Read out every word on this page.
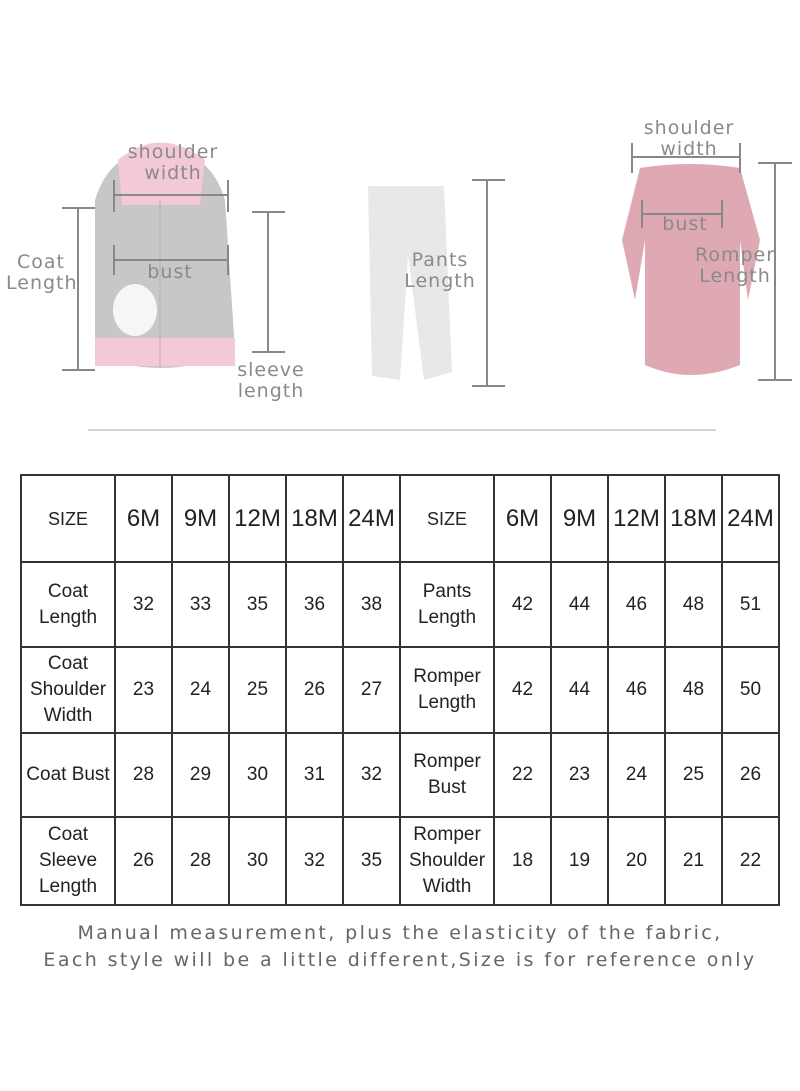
shoulder width
Coat Length	bust
sleeve length
Pants Length
shoulder width
bust
Romper Length
SIZE	6M	9M	12M	18M	24M	SIZE	6M	9M	12M	18M	24M
Coat Length	32	33	35	36	38	Pants Length	42	44	46	48	51
Coat Shoulder Width	23	24	25	26	27	Romper Length	42	44	46	48	50
Coat Bust	28	29	30	31	32	Romper Bust	22	23	24	25	26
Coat Sleeve Length	26	28	30	32	35	Romper Shoulder Width	18	19	20	21	22
Manual measurement, plus the elasticity of the fabric,
Each style will be a little different,Size is for reference only
